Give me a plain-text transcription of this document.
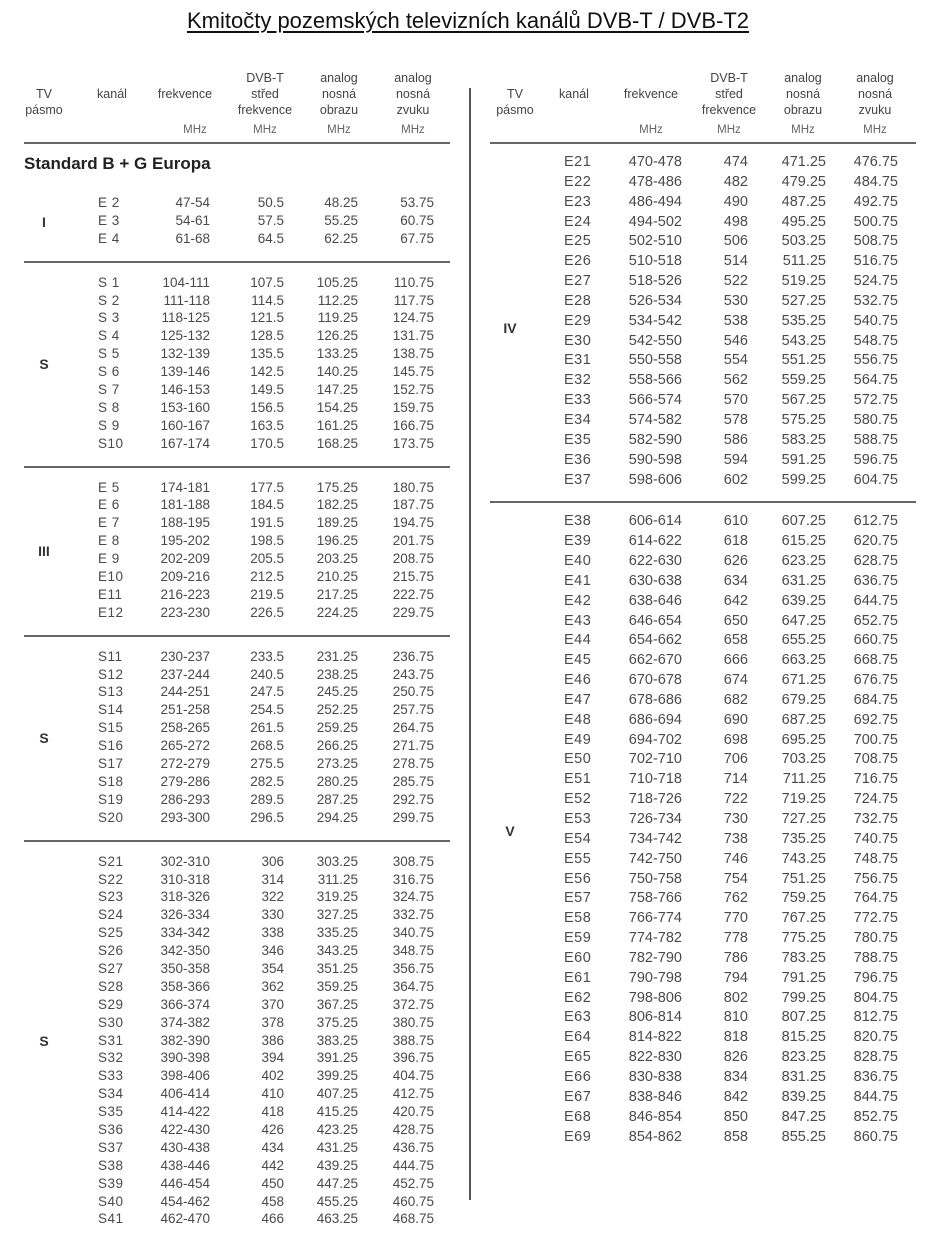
Kmitočty pozemských televizních kanálů DVB-T / DVB-T2
TV
pásmo
kanál	frekvence
DVB-T
střed
frekvence
analog
nosná
obrazu
analog
nosná
zvuku
MHz	MHz	MHz	MHz
Standard B + G Europa
I
E 2	47-54	50.5	48.25	53.75
E 3	54-61	57.5	55.25	60.75
E 4	61-68	64.5	62.25	67.75
S
S 1	104-111	107.5	105.25	110.75
S 2	111-118	114.5	112.25	117.75
S 3	118-125	121.5	119.25	124.75
S 4	125-132	128.5	126.25	131.75
S 5	132-139	135.5	133.25	138.75
S 6	139-146	142.5	140.25	145.75
S 7	146-153	149.5	147.25	152.75
S 8	153-160	156.5	154.25	159.75
S 9	160-167	163.5	161.25	166.75
S10	167-174	170.5	168.25	173.75
III
E 5	174-181	177.5	175.25	180.75
E 6	181-188	184.5	182.25	187.75
E 7	188-195	191.5	189.25	194.75
E 8	195-202	198.5	196.25	201.75
E 9	202-209	205.5	203.25	208.75
E10	209-216	212.5	210.25	215.75
E11	216-223	219.5	217.25	222.75
E12	223-230	226.5	224.25	229.75
S
S11	230-237	233.5	231.25	236.75
S12	237-244	240.5	238.25	243.75
S13	244-251	247.5	245.25	250.75
S14	251-258	254.5	252.25	257.75
S15	258-265	261.5	259.25	264.75
S16	265-272	268.5	266.25	271.75
S17	272-279	275.5	273.25	278.75
S18	279-286	282.5	280.25	285.75
S19	286-293	289.5	287.25	292.75
S20	293-300	296.5	294.25	299.75
S
S21	302-310	306	303.25	308.75
S22	310-318	314	311.25	316.75
S23	318-326	322	319.25	324.75
S24	326-334	330	327.25	332.75
S25	334-342	338	335.25	340.75
S26	342-350	346	343.25	348.75
S27	350-358	354	351.25	356.75
S28	358-366	362	359.25	364.75
S29	366-374	370	367.25	372.75
S30	374-382	378	375.25	380.75
S31	382-390	386	383.25	388.75
S32	390-398	394	391.25	396.75
S33	398-406	402	399.25	404.75
S34	406-414	410	407.25	412.75
S35	414-422	418	415.25	420.75
S36	422-430	426	423.25	428.75
S37	430-438	434	431.25	436.75
S38	438-446	442	439.25	444.75
S39	446-454	450	447.25	452.75
S40	454-462	458	455.25	460.75
S41	462-470	466	463.25	468.75
TV
pásmo
kanál	frekvence
DVB-T
střed
frekvence
analog
nosná
obrazu
analog
nosná
zvuku
MHz	MHz	MHz	MHz
IV
E21	470-478	474	471.25	476.75
E22	478-486	482	479.25	484.75
E23	486-494	490	487.25	492.75
E24	494-502	498	495.25	500.75
E25	502-510	506	503.25	508.75
E26	510-518	514	511.25	516.75
E27	518-526	522	519.25	524.75
E28	526-534	530	527.25	532.75
E29	534-542	538	535.25	540.75
E30	542-550	546	543.25	548.75
E31	550-558	554	551.25	556.75
E32	558-566	562	559.25	564.75
E33	566-574	570	567.25	572.75
E34	574-582	578	575.25	580.75
E35	582-590	586	583.25	588.75
E36	590-598	594	591.25	596.75
E37	598-606	602	599.25	604.75
V
E38	606-614	610	607.25	612.75
E39	614-622	618	615.25	620.75
E40	622-630	626	623.25	628.75
E41	630-638	634	631.25	636.75
E42	638-646	642	639.25	644.75
E43	646-654	650	647.25	652.75
E44	654-662	658	655.25	660.75
E45	662-670	666	663.25	668.75
E46	670-678	674	671.25	676.75
E47	678-686	682	679.25	684.75
E48	686-694	690	687.25	692.75
E49	694-702	698	695.25	700.75
E50	702-710	706	703.25	708.75
E51	710-718	714	711.25	716.75
E52	718-726	722	719.25	724.75
E53	726-734	730	727.25	732.75
E54	734-742	738	735.25	740.75
E55	742-750	746	743.25	748.75
E56	750-758	754	751.25	756.75
E57	758-766	762	759.25	764.75
E58	766-774	770	767.25	772.75
E59	774-782	778	775.25	780.75
E60	782-790	786	783.25	788.75
E61	790-798	794	791.25	796.75
E62	798-806	802	799.25	804.75
E63	806-814	810	807.25	812.75
E64	814-822	818	815.25	820.75
E65	822-830	826	823.25	828.75
E66	830-838	834	831.25	836.75
E67	838-846	842	839.25	844.75
E68	846-854	850	847.25	852.75
E69	854-862	858	855.25	860.75
